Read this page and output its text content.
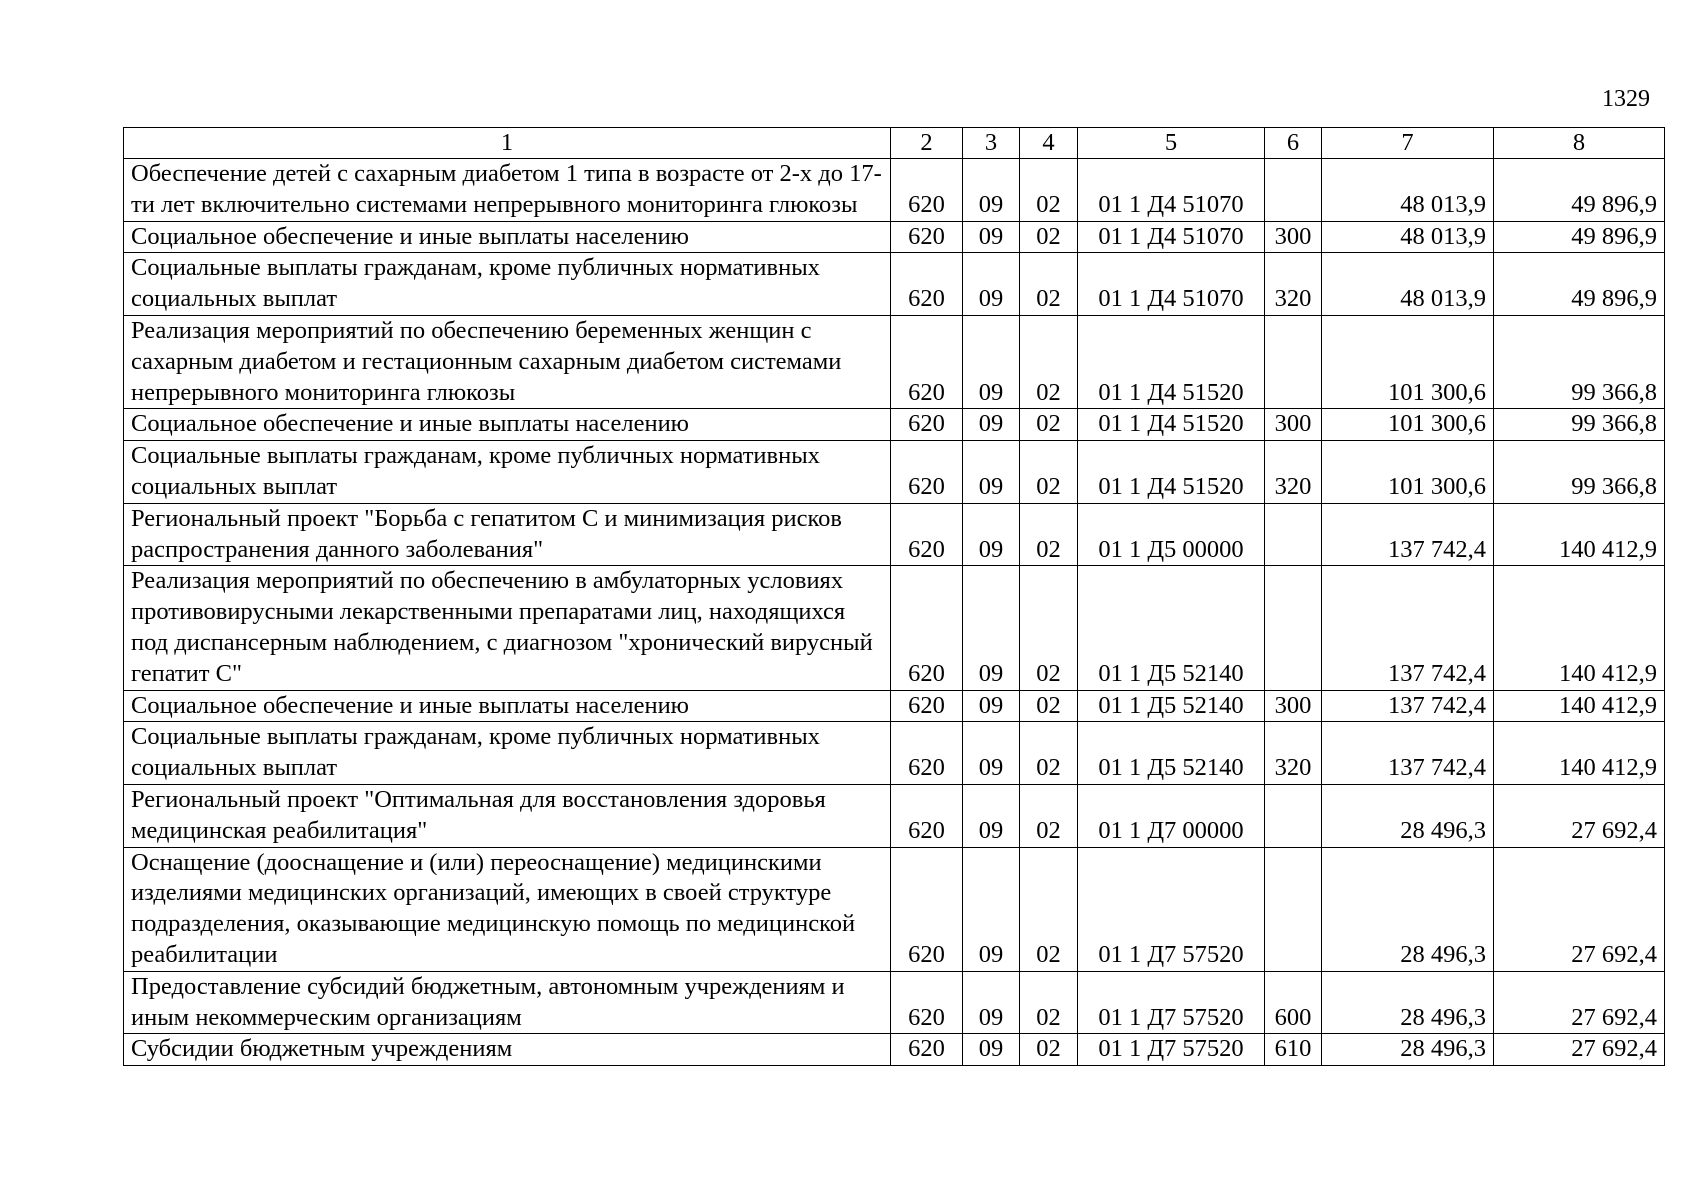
1329
1	2	3	4	5	6	7	8
Обеспечение детей с сахарным диабетом 1 типа в возрасте от 2-х до 17-ти лет включительно системами непрерывного мониторинга глюкозы	620	09	02	01 1 Д4 51070		48 013,9	49 896,9
Социальное обеспечение и иные выплаты населению	620	09	02	01 1 Д4 51070	300	48 013,9	49 896,9
Социальные выплаты гражданам, кроме публичных нормативных социальных выплат	620	09	02	01 1 Д4 51070	320	48 013,9	49 896,9
Реализация мероприятий по обеспечению беременных женщин с сахарным диабетом и гестационным сахарным диабетом системами непрерывного мониторинга глюкозы	620	09	02	01 1 Д4 51520		101 300,6	99 366,8
Социальное обеспечение и иные выплаты населению	620	09	02	01 1 Д4 51520	300	101 300,6	99 366,8
Социальные выплаты гражданам, кроме публичных нормативных социальных выплат	620	09	02	01 1 Д4 51520	320	101 300,6	99 366,8
Региональный проект "Борьба с гепатитом С и минимизация рисков распространения данного заболевания"	620	09	02	01 1 Д5 00000		137 742,4	140 412,9
Реализация мероприятий по обеспечению в амбулаторных условиях противовирусными лекарственными препаратами лиц, находящихся под диспансерным наблюдением, с диагнозом "хронический вирусный гепатит С"	620	09	02	01 1 Д5 52140		137 742,4	140 412,9
Социальное обеспечение и иные выплаты населению	620	09	02	01 1 Д5 52140	300	137 742,4	140 412,9
Социальные выплаты гражданам, кроме публичных нормативных социальных выплат	620	09	02	01 1 Д5 52140	320	137 742,4	140 412,9
Региональный проект "Оптимальная для восстановления здоровья медицинская реабилитация"	620	09	02	01 1 Д7 00000		28 496,3	27 692,4
Оснащение (дооснащение и (или) переоснащение) медицинскими изделиями медицинских организаций, имеющих в своей структуре подразделения, оказывающие медицинскую помощь по медицинской реабилитации	620	09	02	01 1 Д7 57520		28 496,3	27 692,4
Предоставление субсидий бюджетным, автономным учреждениям и иным некоммерческим организациям	620	09	02	01 1 Д7 57520	600	28 496,3	27 692,4
Субсидии бюджетным учреждениям	620	09	02	01 1 Д7 57520	610	28 496,3	27 692,4
